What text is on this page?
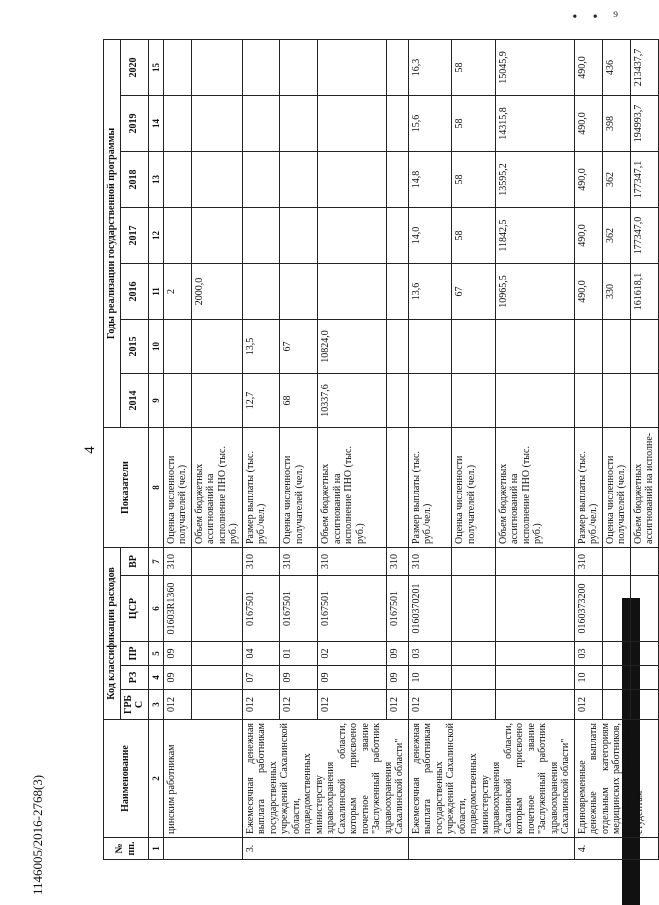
• • ⁹
4
№ пп.	Наименование	Код классификации расходов					Показатели	Годы реализации государственной программы						
		ГРБС	РЗ	ПР	ЦСР	ВР		2014	2015	2016	2017	2018	2019	2020
1	2	3	4	5	6	7	8	9	10	11	12	13	14	15
	цинским работникам	012	09	09	01603R1360	310	Оценка численности получателей (чел.)			2				
							Объем бюджетных ассигнований на исполнение ПНО (тыс. руб.)			2000,0				
3.	Ежемесячная денежная выплата работникам государственных учреждений Сахалинской области, подведомственных министерству здравоохранения Сахалинской области, которым присвоено почетное звание "Заслуженный работник здравоохранения Сахалинской области"	012	07	04	0167501	310	Размер выплаты (тыс. руб./чел.)	12,7	13,5					
		012	09	01	0167501	310	Оценка численности получателей (чел.)	68	67					
		012	09	02	0167501	310	Объем бюджетных ассигнований на исполнение ПНО (тыс. руб.)	10337,6	10824,0					
		012	09	09	0167501	310								
	Ежемесячная денежная выплата работникам государственных учреждений Сахалинской области, подведомственных министерству здравоохранения Сахалинской области, которым присвоено почетное звание "Заслуженный работник здравоохранения Сахалинской области"	012	10	03	0160370201	310	Размер выплаты (тыс. руб./чел.)			13,6	14,0	14,8	15,6	16,3
							Оценка численности получателей (чел.)			67	58	58	58	58
							Объем бюджетных ассигнований на исполнение ПНО (тыс. руб.)			10965,5	11842,5	13595,2	14315,8	15045,9
4.	Единовременные денежные выплаты отдельным категориям медицинских работников, интернам (ординаторам), студентам	012	10	03	0160373200	310	Размер выплаты (тыс. руб./чел.)			490,0	490,0	490,0	490,0	490,0
							Оценка численности получателей (чел.)			330	362	362	398	436
							Объем бюджетных ассигнований на исполне-			161618,1	177347,0	177347,1	194993,7	213437,7
1146005/2016-2768(3)
